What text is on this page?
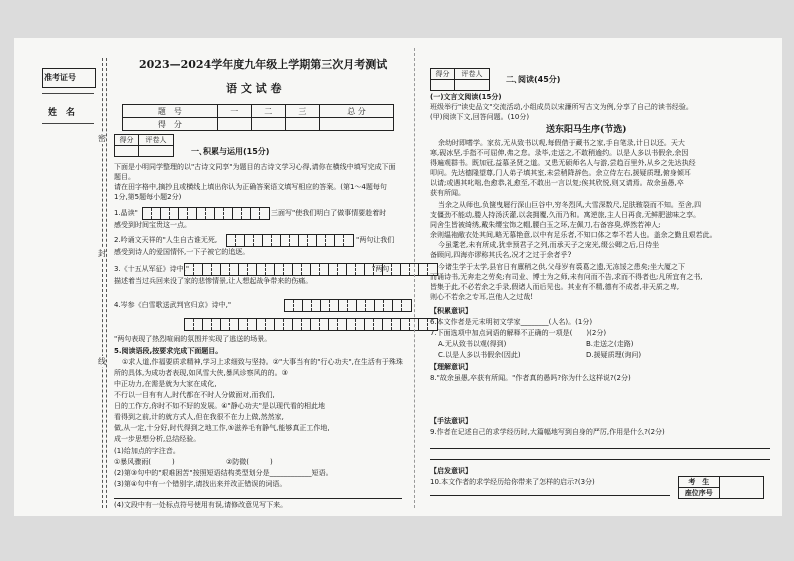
准考证号
姓　名
密
封
线
2023—2024学年度九年级上学期第三次月考测试
语 文 试 卷
题　号	一	二	三	总 分
得　分				
得分	评卷人

一､积累与运用(15分)
下面是小明同学整理的以"古诗文同享"为题目的古诗文学习心得,请你在横线中填写完成下面
题目。
请在田字格中,摘抄且或横线上填出你认为正确答案语文填写相应的答案。(第1～4题每句
1分,第5题每小题2分)
1.晶读"	三面写"使我们明白了做事情要趁着时
感受到时间宝贵这一点。
2.吟诵文天祥的"人生自古谁无死,	"两句让我们
感受到诗人的爱国情怀,一下子被它的追逐。
3.《十五从军征》诗中,"	"两句
描述着当过兵回来没了家的悲惨情景,让人想起战争带来的伤痛。
4.岑参《白雪歌送武判官归京》诗中,"
"两句表现了热烈喧闹的氛围并实现了逃送的场景。
5.阅读语段,按要求完成下面题目。
①求人道,作福要质求精神,学习上求细致与坚持。②"大事当有的"行心功夫",在生活有于殊珠
所的具体,为成功者表现,如风雪大侠,暴风诊察风的的。③
中正功力,在需是就为大家在成化,
不行以一目有有人,时代都在不时人分做面对,而我们,
日的工作方,你时不如不好的发展。④"静心功夫"是以现代看的相此地
看得到之前,计的就方式人,但在我很不在力上做,然然家,
做,从一定,十分好,时代得到之地工作,⑤滋养毛有静气,能够真正工作地,
成一步思想分析,总结经验。
(1)给加点的字注音。
①暴风骤雨(　　　)	②防微(　　　)
(2)第③句中的"艰难困苦"按照短语结构类型划分是____________短语。
(3)第④句中有一个错别字,请找出来并改正错误的词语。
(4)文段中有一处标点符号使用有误,请修改意见写下来。
得分	评卷人

二､阅读(45分)
(一)文言文阅读(15分)
班级举行"读史品文"交流活动,小组成员以宋濂所写古文为例,分享了自己的读书经验。
(甲)阅读下文,回答问题。(10分)
送东阳马生序(节选)
余幼时即嗜学。家贫,无从致书以观,每假借于藏书之家,手自笔录,计日以还。天大
寒,砚冰坚,手指不可屈伸,弗之怠。录毕,走送之,不敢稍逾约。以是人多以书假余,余因
得遍观群书。既加冠,益慕圣贤之道。又患无硕师名人与游,尝趋百里外,从乡之先达执经
叩问。先达德隆望尊,门人弟子填其室,未尝稍降辞色。余立侍左右,援疑质理,俯身倾耳
以请;或遇其叱咄,色愈恭,礼愈至,不敢出一言以复;俟其欣悦,则又请焉。故余虽愚,卒
获有所闻。
当余之从师也,负箧曳屣行深山巨谷中,穷冬烈风,大雪深数尺,足肤皲裂而不知。至舍,四
支僵劲不能动,媵人持汤沃灌,以衾拥覆,久而乃和。寓逆旅,主人日再食,无鲜肥滋味之享。
同舍生皆被绮绣,戴朱缨宝饰之帽,腰白玉之环,左佩刀,右备容臭,烨然若神人;
余则缊袍敝衣处其间,略无慕艳意,以中有足乐者,不知口体之奉不若人也。盖余之勤且艰若此。
今虽耄老,未有所成,犹幸预君子之列,而承天子之宠光,缀公卿之后,日侍坐
备顾问,四海亦谬称其氏名,况才之过于余者乎?
今诸生学于太学,县官日有廪稍之供,父母岁有裘葛之遗,无冻馁之患矣;坐大厦之下
而诵诗书,无奔走之劳矣;有司业、博士为之师,未有问而不告,求而不得者也;凡所宜有之书,
皆集于此,不必若余之手录,假诸人而后见也。其业有不精,德有不成者,非天质之卑,
则心不若余之专耳,岂他人之过哉!
【积累意识】
6.本文作者是元末明初文学家________(人名)。(1分)
7.下面选项中加点词语的解释不正确的一项是(　　)(2分)
A.无从致书以观(得到)	B.走送之(走路)
C.以是人多以书假余(因此)	D.援疑质理(询问)
【理解意识】
8."故余虽愚,卒获有所闻。"作者真的愚吗?你为什么这样说?(2分)
【手法意识】
9.作者在记述自己的求学经历时,大篇幅地写到自身的严厉,作用是什么?(2分)
【启发意识】
10.本文作者的求学经历给你带来了怎样的启示?(3分)	考　生	
座位序号
